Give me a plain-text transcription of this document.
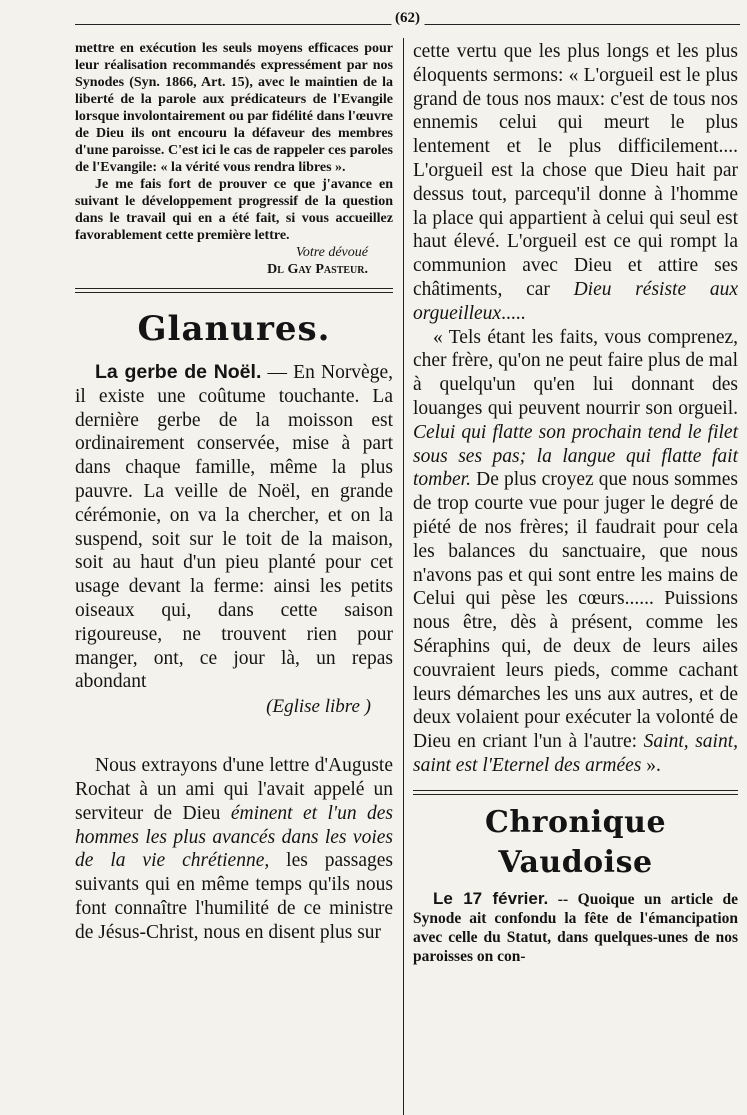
(62)

mettre en exécution les seuls moyens efficaces pour leur réalisation recommandés expressément par nos Synodes (Syn. 1866, Art. 15), avec le maintien de la liberté de la parole aux prédicateurs de l'Evangile lorsque involontairement ou par fidélité dans l'œuvre de Dieu ils ont encouru la défaveur des membres d'une paroisse. C'est ici le cas de rappeler ces paroles de l'Evangile: « la vérité vous rendra libres ».

Je me fais fort de prouver ce que j'avance en suivant le développement progressif de la question dans le travail qui en a été fait, si vous accueillez favorablement cette première lettre.

Votre dévoué
Dl Gay Pasteur.
Glanures.

La gerbe de Noël. — En Norvège, il existe une coûtume touchante. La dernière gerbe de la moisson est ordinairement conservée, mise à part dans chaque famille, même la plus pauvre. La veille de Noël, en grande cérémonie, on va la chercher, et on la suspend, soit sur le toit de la maison, soit au haut d'un pieu planté pour cet usage devant la ferme: ainsi les petits oiseaux qui, dans cette saison rigoureuse, ne trouvent rien pour manger, ont, ce jour là, un repas abondant

(Eglise libre )

Nous extrayons d'une lettre d'Auguste Rochat à un ami qui l'avait appelé un serviteur de Dieu éminent et l'un des hommes les plus avancés dans les voies de la vie chrétienne, les passages suivants qui en même temps qu'ils nous font connaître l'humilité de ce ministre de Jésus-Christ, nous en disent plus sur

cette vertu que les plus longs et les plus éloquents sermons: « L'orgueil est le plus grand de tous nos maux: c'est de tous nos ennemis celui qui meurt le plus lentement et le plus difficilement.... L'orgueil est la chose que Dieu hait par dessus tout, parcequ'il donne à l'homme la place qui appartient à celui qui seul est haut élevé. L'orgueil est ce qui rompt la communion avec Dieu et attire ses châtiments, car Dieu résiste aux orgueilleux.....

« Tels étant les faits, vous comprenez, cher frère, qu'on ne peut faire plus de mal à quelqu'un qu'en lui donnant des louanges qui peuvent nourrir son orgueil. Celui qui flatte son prochain tend le filet sous ses pas; la langue qui flatte fait tomber. De plus croyez que nous sommes de trop courte vue pour juger le degré de piété de nos frères; il faudrait pour cela les balances du sanctuaire, que nous n'avons pas et qui sont entre les mains de Celui qui pèse les cœurs...... Puissions nous être, dès à présent, comme les Séraphins qui, de deux de leurs ailes couvraient leurs pieds, comme cachant leurs démarches les uns aux autres, et de deux volaient pour exécuter la volonté de Dieu en criant l'un à l'autre: Saint, saint, saint est l'Eternel des armées ».

Chronique Vaudoise

Le 17 février. -- Quoique un article de Synode ait confondu la fête de l'émancipation avec celle du Statut, dans quelques-unes de nos paroisses on con-
